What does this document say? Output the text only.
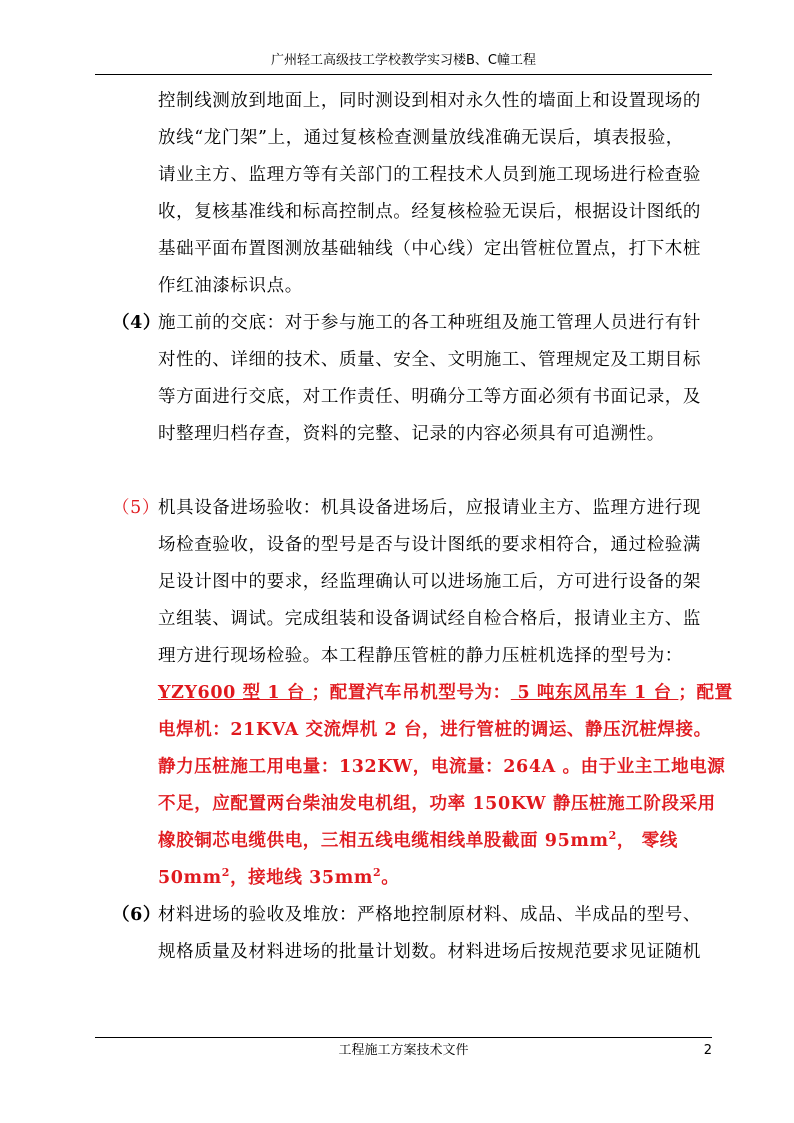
广州轻工高级技工学校教学实习楼B、C幢工程
控制线测放到地面上，同时测设到相对永久性的墙面上和设置现场的
放线“龙门架”上，通过复核检查测量放线准确无误后，填表报验，
请业主方、监理方等有关部门的工程技术人员到施工现场进行检查验
收，复核基准线和标高控制点。经复核检验无误后，根据设计图纸的
基础平面布置图测放基础轴线（中心线）定出管桩位置点，打下木桩
作红油漆标识点。
（4）
施工前的交底：对于参与施工的各工种班组及施工管理人员进行有针
对性的、详细的技术、质量、安全、文明施工、管理规定及工期目标
等方面进行交底，对工作责任、明确分工等方面必须有书面记录，及
时整理归档存查，资料的完整、记录的内容必须具有可追溯性。
（5）
机具设备进场验收：机具设备进场后，应报请业主方、监理方进行现
场检查验收，设备的型号是否与设计图纸的要求相符合，通过检验满
足设计图中的要求，经监理确认可以进场施工后，方可进行设备的架
立组装、调试。完成组装和设备调试经自检合格后，报请业主方、监
理方进行现场检验。本工程静压管桩的静力压桩机选择的型号为：
YZY600 型 1 台 ；配置汽车吊机型号为： 5 吨东风吊车 1 台 ；配置
电焊机：21KVA 交流焊机 2 台，进行管桩的调运、静压沉桩焊接。
静力压桩施工用电量：132KW，电流量：264A 。由于业主工地电源
不足，应配置两台柴油发电机组，功率 150KW 静压桩施工阶段采用
橡胶铜芯电缆供电，三相五线电缆相线单股截面 $95mm^2$， 零线
$50mm^2$，接地线 $35mm^2$。
（6）
材料进场的验收及堆放：严格地控制原材料、成品、半成品的型号、
规格质量及材料进场的批量计划数。材料进场后按规范要求见证随机
工程施工方案技术文件	2
